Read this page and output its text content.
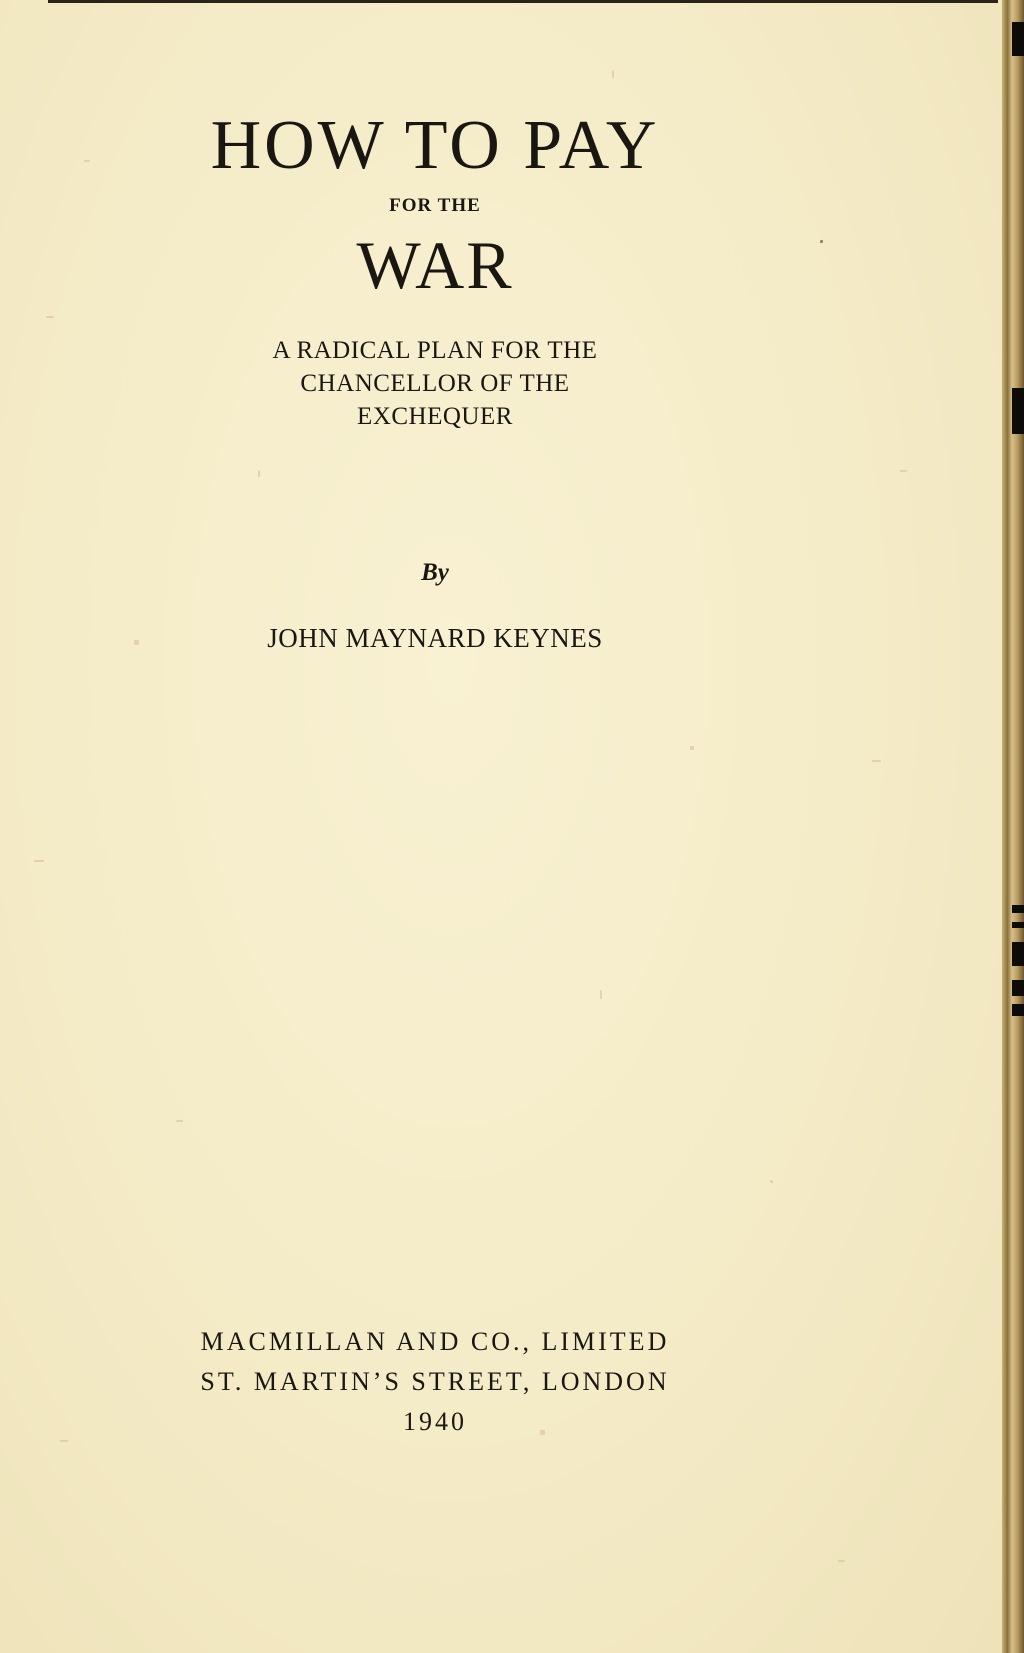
HOW TO PAY
FOR THE
WAR
A RADICAL PLAN FOR THE
CHANCELLOR OF THE
EXCHEQUER
By
JOHN MAYNARD KEYNES
MACMILLAN AND CO., LIMITED
ST. MARTIN’S STREET, LONDON
1940
